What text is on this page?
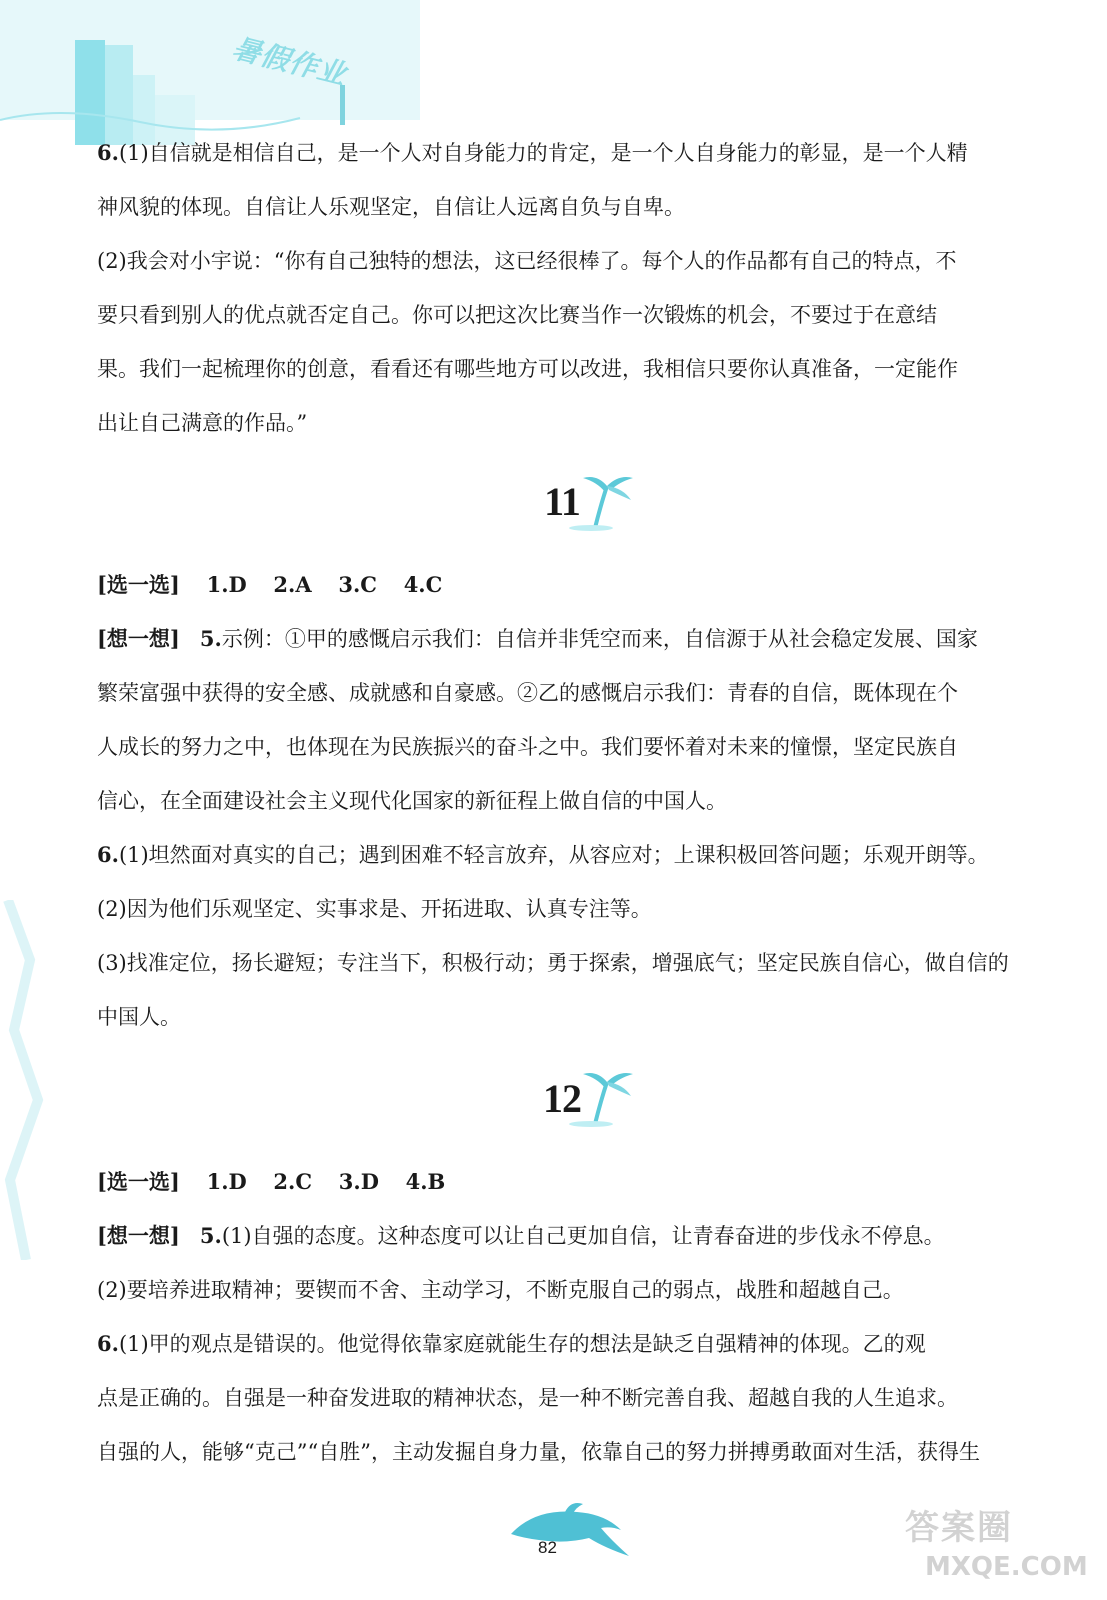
暑假作业

6.(1)自信就是相信自己，是一个人对自身能力的肯定，是一个人自身能力的彰显，是一个人精

神风貌的体现。自信让人乐观坚定，自信让人远离自负与自卑。

(2)我会对小宇说：“你有自己独特的想法，这已经很棒了。每个人的作品都有自己的特点，不

要只看到别人的优点就否定自己。你可以把这次比赛当作一次锻炼的机会，不要过于在意结

果。我们一起梳理你的创意，看看还有哪些地方可以改进，我相信只要你认真准备，一定能作

出让自己满意的作品。”

11

[选一选] 1.D 2.A 3.C 4.C

[想一想] 5.示例：①甲的感慨启示我们：自信并非凭空而来，自信源于从社会稳定发展、国家

繁荣富强中获得的安全感、成就感和自豪感。②乙的感慨启示我们：青春的自信，既体现在个

人成长的努力之中，也体现在为民族振兴的奋斗之中。我们要怀着对未来的憧憬，坚定民族自

信心，在全面建设社会主义现代化国家的新征程上做自信的中国人。

6.(1)坦然面对真实的自己；遇到困难不轻言放弃，从容应对；上课积极回答问题；乐观开朗等。

(2)因为他们乐观坚定、实事求是、开拓进取、认真专注等。

(3)找准定位，扬长避短；专注当下，积极行动；勇于探索，增强底气；坚定民族自信心，做自信的

中国人。

12

[选一选] 1.D 2.C 3.D 4.B

[想一想] 5.(1)自强的态度。这种态度可以让自己更加自信，让青春奋进的步伐永不停息。

(2)要培养进取精神；要锲而不舍、主动学习，不断克服自己的弱点，战胜和超越自己。

6.(1)甲的观点是错误的。他觉得依靠家庭就能生存的想法是缺乏自强精神的体现。乙的观

点是正确的。自强是一种奋发进取的精神状态，是一种不断完善自我、超越自我的人生追求。

自强的人，能够“克己”“自胜”，主动发掘自身力量，依靠自己的努力拼搏勇敢面对生活，获得生

82	答案圈
MXQE.COM
